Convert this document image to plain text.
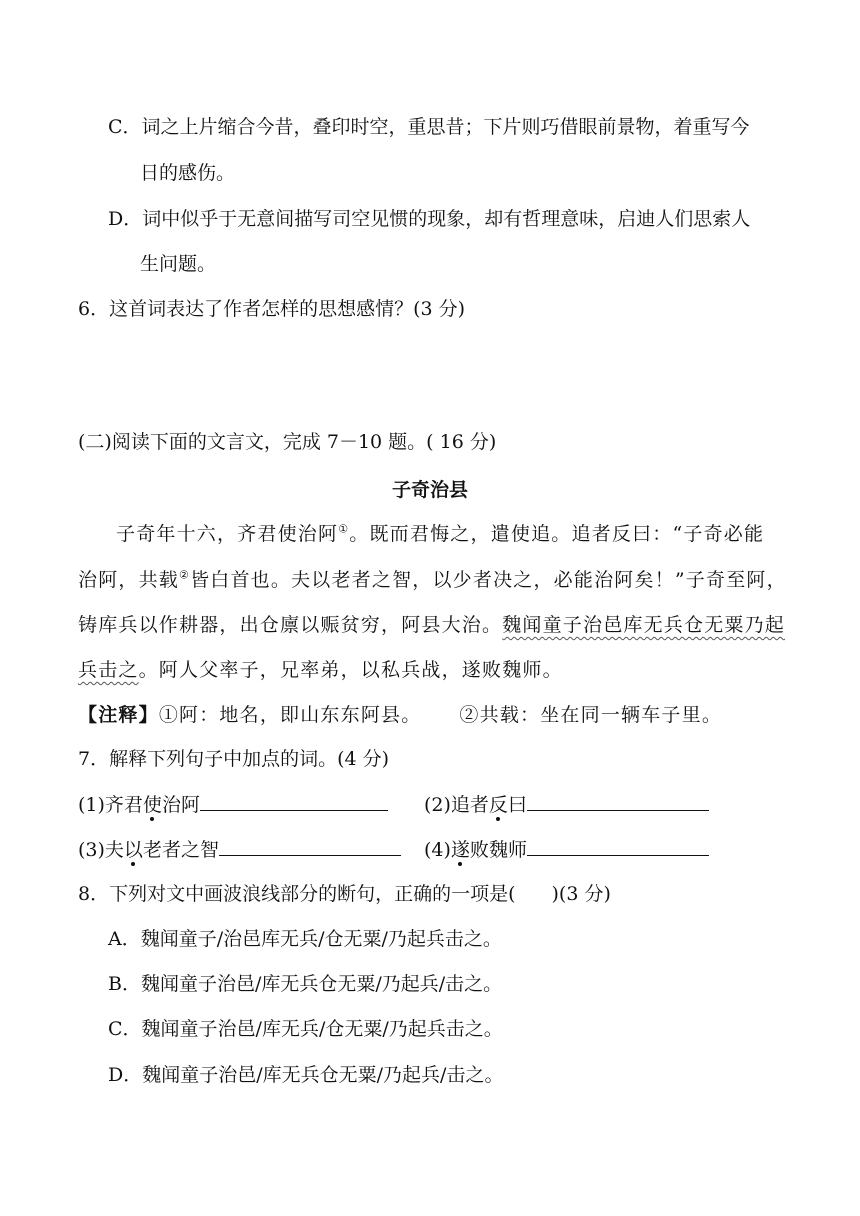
C．词之上片缩合今昔，叠印时空，重思昔；下片则巧借眼前景物，着重写今
日的感伤。
D．词中似乎于无意间描写司空见惯的现象，却有哲理意味，启迪人们思索人
生问题。
6．这首词表达了作者怎样的思想感情？(3 分)
(二)阅读下面的文言文，完成 7－10 题。( 16 分)
子奇治县
子奇年十六，齐君使治阿①。既而君悔之，遣使追。追者反曰：“子奇必能
治阿，共载②皆白首也。夫以老者之智，以少者决之，必能治阿矣！”子奇至阿，
铸库兵以作耕器，出仓廪以赈贫穷，阿县大治。魏闻童子治邑库无兵仓无粟乃起
兵击之。阿人父率子，兄率弟，以私兵战，遂败魏师。
【注释】①阿：地名，即山东东阿县。 ②共载：坐在同一辆车子里。
7．解释下列句子中加点的词。(4 分)
(1)齐君使治阿	(2)追者反曰
(3)夫以老者之智	(4)遂败魏师
8．下列对文中画波浪线部分的断句，正确的一项是( )(3 分)
A．魏闻童子/治邑库无兵/仓无粟/乃起兵击之。
B．魏闻童子治邑/库无兵仓无粟/乃起兵/击之。
C．魏闻童子治邑/库无兵/仓无粟/乃起兵击之。
D．魏闻童子治邑/库无兵仓无粟/乃起兵/击之。
